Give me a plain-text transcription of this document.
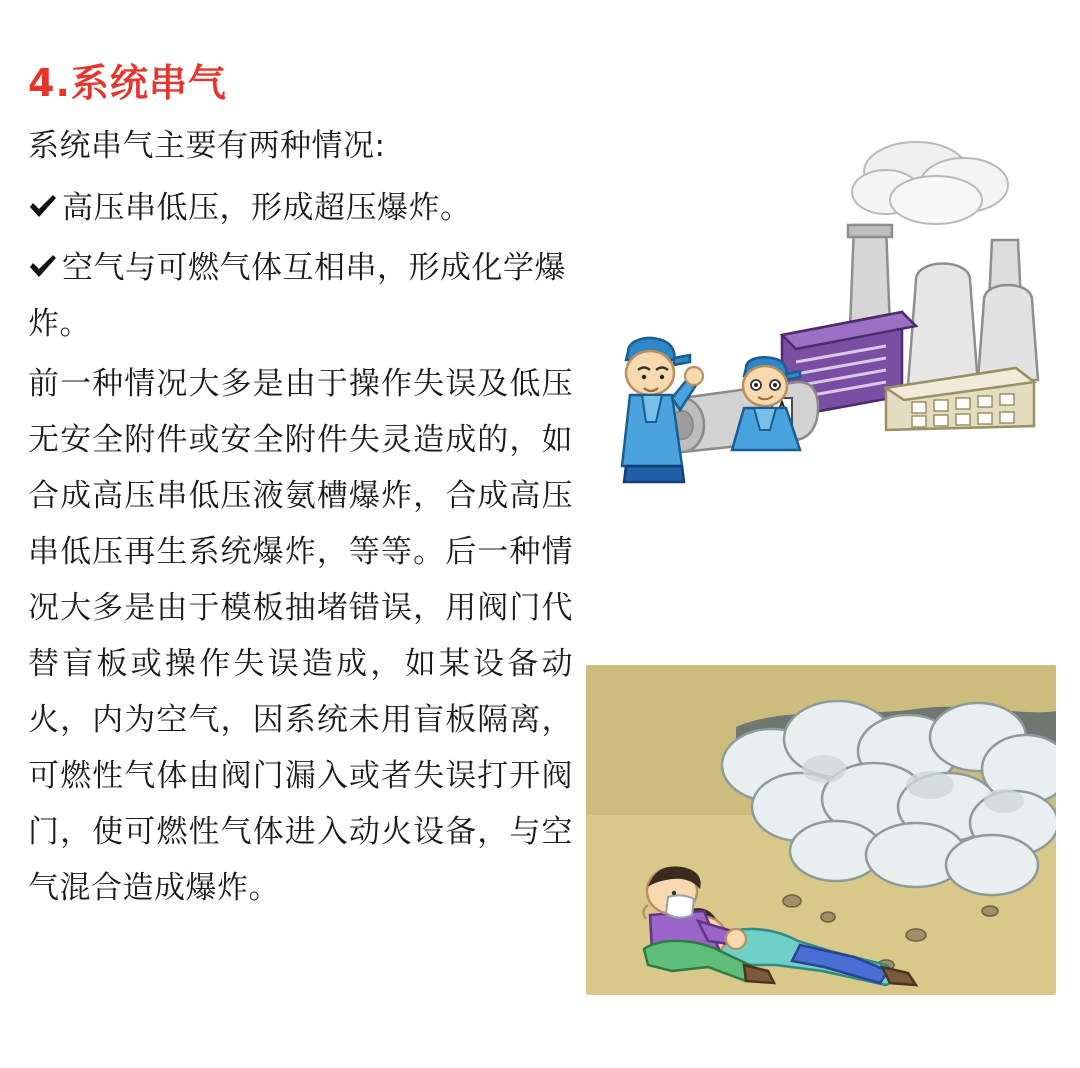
4.系统串气

系统串气主要有两种情况:

高压串低压，形成超压爆炸。

空气与可燃气体互相串，形成化学爆炸。

前一种情况大多是由于操作失误及低压无安全附件或安全附件失灵造成的，如合成高压串低压液氨槽爆炸，合成高压串低压再生系统爆炸，等等。后一种情况大多是由于模板抽堵错误，用阀门代替盲板或操作失误造成，如某设备动火，内为空气，因系统未用盲板隔离，可燃性气体由阀门漏入或者失误打开阀门，使可燃性气体进入动火设备，与空气混合造成爆炸。
